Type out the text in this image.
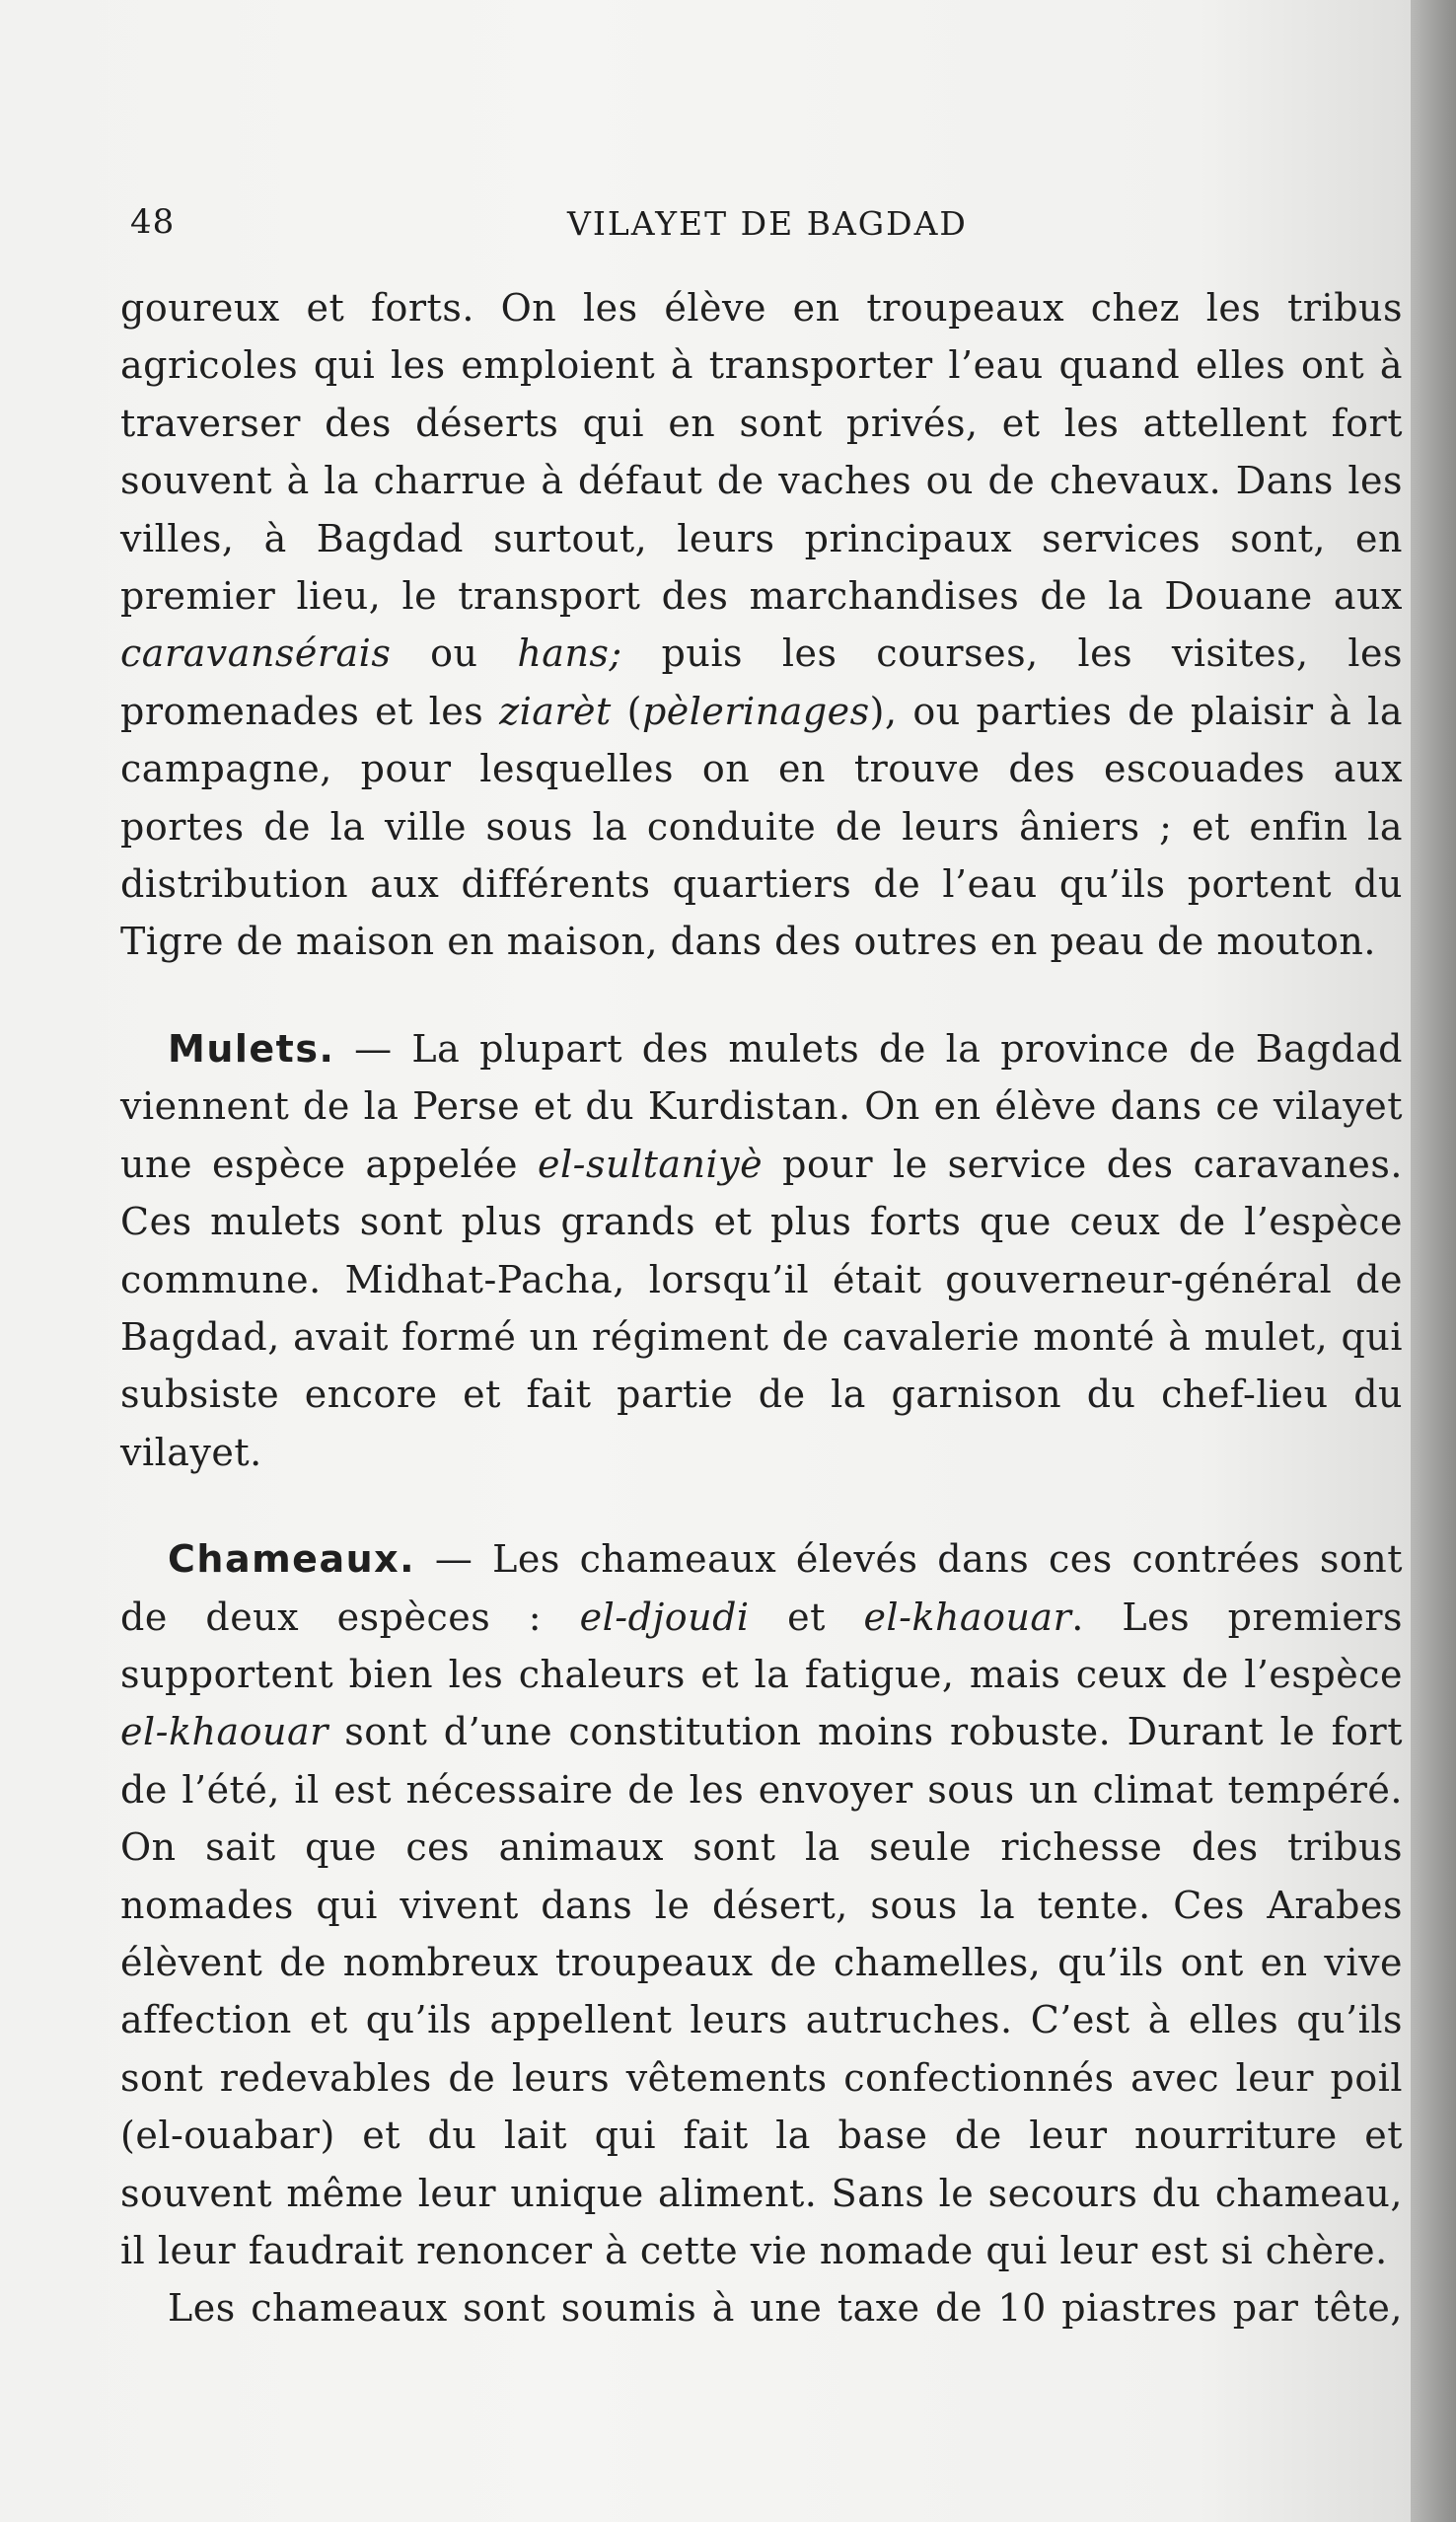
48	VILAYET DE BAGDAD

goureux et forts. On les élève en troupeaux chez les tribus agricoles qui les emploient à transporter l’eau quand elles ont à traverser des déserts qui en sont privés, et les attellent fort souvent à la charrue à défaut de vaches ou de chevaux. Dans les villes, à Bagdad surtout, leurs principaux services sont, en premier lieu, le transport des marchandises de la Douane aux caravansérais ou hans; puis les courses, les visites, les promenades et les ziarèt (pèlerinages), ou parties de plaisir à la campagne, pour lesquelles on en trouve des escouades aux portes de la ville sous la conduite de leurs âniers ; et enfin la distribution aux différents quartiers de l’eau qu’ils portent du Tigre de maison en maison, dans des outres en peau de mouton.

Mulets. — La plupart des mulets de la province de Bagdad viennent de la Perse et du Kurdistan. On en élève dans ce vilayet une espèce appelée el-sultaniyè pour le service des caravanes. Ces mulets sont plus grands et plus forts que ceux de l’espèce commune. Midhat-Pacha, lorsqu’il était gouverneur-général de Bagdad, avait formé un régiment de cavalerie monté à mulet, qui subsiste encore et fait partie de la garnison du chef-lieu du vilayet.

Chameaux. — Les chameaux élevés dans ces contrées sont de deux espèces : el-djoudi et el-khaouar. Les premiers supportent bien les chaleurs et la fatigue, mais ceux de l’espèce el-khaouar sont d’une constitution moins robuste. Durant le fort de l’été, il est nécessaire de les envoyer sous un climat tempéré. On sait que ces animaux sont la seule richesse des tribus nomades qui vivent dans le désert, sous la tente. Ces Arabes élèvent de nombreux troupeaux de chamelles, qu’ils ont en vive affection et qu’ils appellent leurs autruches. C’est à elles qu’ils sont redevables de leurs vêtements confectionnés avec leur poil (el-ouabar) et du lait qui fait la base de leur nourriture et souvent même leur unique aliment. Sans le secours du chameau, il leur faudrait renoncer à cette vie nomade qui leur est si chère.

Les chameaux sont soumis à une taxe de 10 piastres par tête,
